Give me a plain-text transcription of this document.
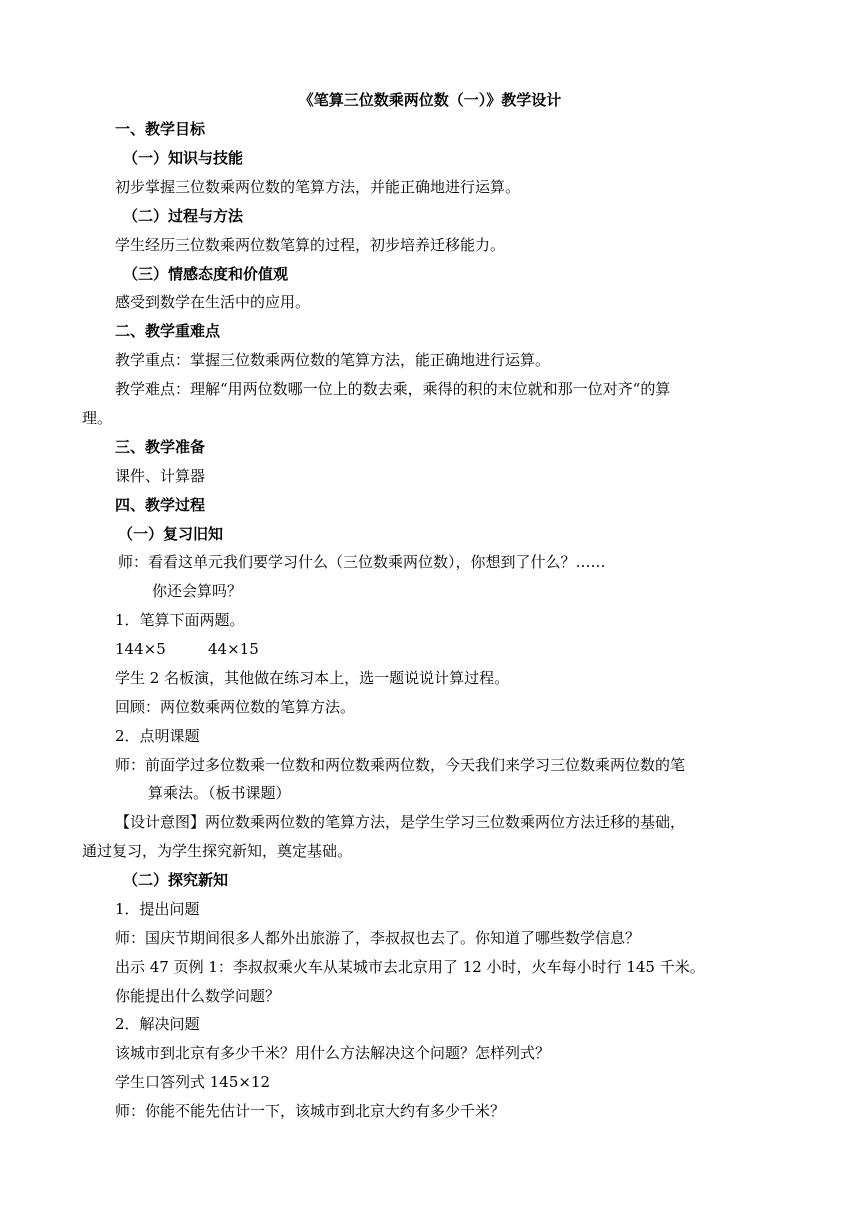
《笔算三位数乘两位数（一）》教学设计
一、教学目标
（一）知识与技能
初步掌握三位数乘两位数的笔算方法，并能正确地进行运算。
（二）过程与方法
学生经历三位数乘两位数笔算的过程，初步培养迁移能力。
（三）情感态度和价值观
感受到数学在生活中的应用。
二、教学重难点
教学重点：掌握三位数乘两位数的笔算方法，能正确地进行运算。
教学难点：理解“用两位数哪一位上的数去乘，乘得的积的末位就和那一位对齐“的算
理。
三、教学准备
课件、计算器
四、教学过程
（一）复习旧知
师：看看这单元我们要学习什么（三位数乘两位数），你想到了什么？……
你还会算吗？
1．笔算下面两题。
144×5	44×15
学生 2 名板演，其他做在练习本上，选一题说说计算过程。
回顾：两位数乘两位数的笔算方法。
2．点明课题
师：前面学过多位数乘一位数和两位数乘两位数，今天我们来学习三位数乘两位数的笔
算乘法。（板书课题）
【设计意图】两位数乘两位数的笔算方法，是学生学习三位数乘两位方法迁移的基础，
通过复习，为学生探究新知，奠定基础。
（二）探究新知
1．提出问题
师：国庆节期间很多人都外出旅游了，李叔叔也去了。你知道了哪些数学信息？
出示 47 页例 1：李叔叔乘火车从某城市去北京用了 12 小时，火车每小时行 145 千米。
你能提出什么数学问题？
2．解决问题
该城市到北京有多少千米？用什么方法解决这个问题？怎样列式？
学生口答列式 145×12
师：你能不能先估计一下，该城市到北京大约有多少千米？
